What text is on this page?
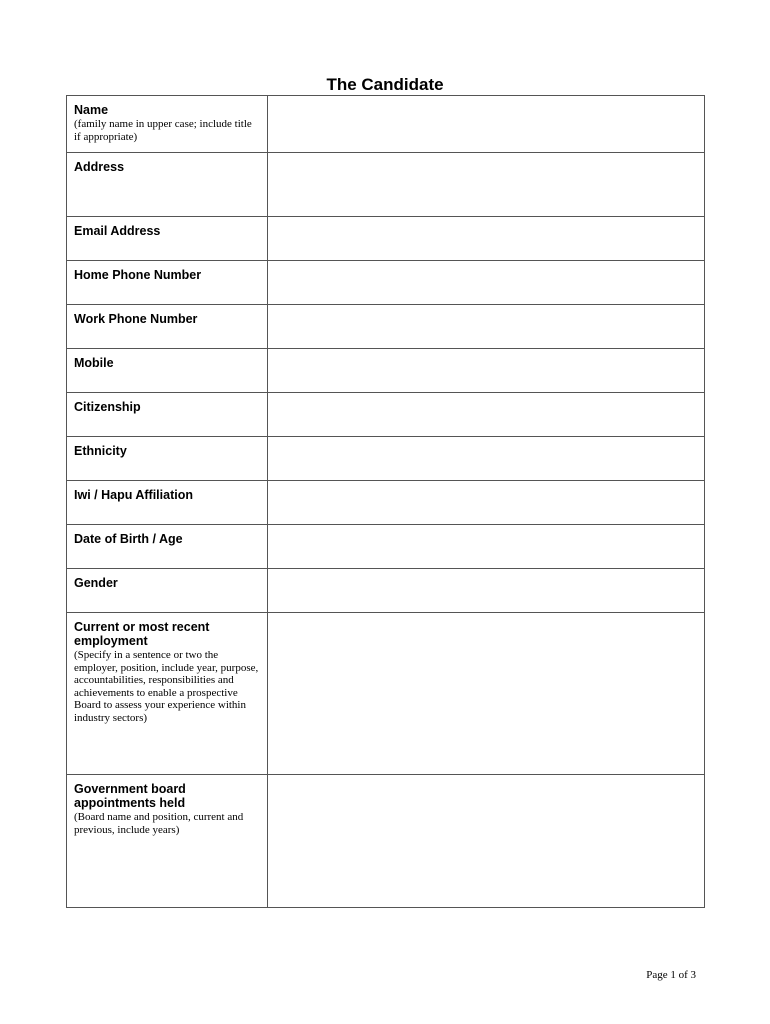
The Candidate
Name
(family name in upper case; include title if appropriate)	

Address	

Email Address	

Home Phone Number	

Work Phone Number	

Mobile	

Citizenship	

Ethnicity	

Iwi / Hapu Affiliation	

Date of Birth / Age	

Gender	

Current or most recent employment
(Specify in a sentence or two the employer, position, include year, purpose, accountabilities, responsibilities and achievements to enable a prospective Board to assess your experience within industry sectors)	

Government board appointments held
(Board name and position, current and previous, include years)	

Page 1 of 3
